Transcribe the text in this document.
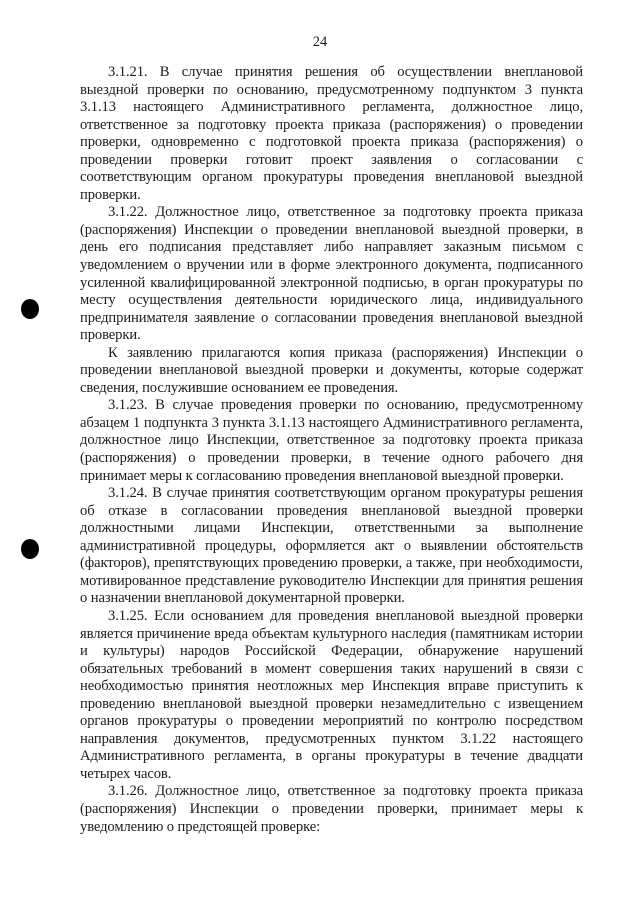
24

3.1.21. В случае принятия решения об осуществлении внеплановой выездной проверки по основанию, предусмотренному подпунктом 3 пункта 3.1.13 настоящего Административного регламента, должностное лицо, ответственное за подготовку проекта приказа (распоряжения) о проведении проверки, одновременно с подготовкой проекта приказа (распоряжения) о проведении проверки готовит проект заявления о согласовании с соответствующим органом прокуратуры проведения внеплановой выездной проверки.

3.1.22. Должностное лицо, ответственное за подготовку проекта приказа (распоряжения) Инспекции о проведении внеплановой выездной проверки, в день его подписания представляет либо направляет заказным письмом с уведомлением о вручении или в форме электронного документа, подписанного усиленной квалифицированной электронной подписью, в орган прокуратуры по месту осуществления деятельности юридического лица, индивидуального предпринимателя заявление о согласовании проведения внеплановой выездной проверки.

К заявлению прилагаются копия приказа (распоряжения) Инспекции о проведении внеплановой выездной проверки и документы, которые содержат сведения, послужившие основанием ее проведения.

3.1.23. В случае проведения проверки по основанию, предусмотренному абзацем 1 подпункта 3 пункта 3.1.13 настоящего Административного регламента, должностное лицо Инспекции, ответственное за подготовку проекта приказа (распоряжения) о проведении проверки, в течение одного рабочего дня принимает меры к согласованию проведения внеплановой выездной проверки.

3.1.24. В случае принятия соответствующим органом прокуратуры решения об отказе в согласовании проведения внеплановой выездной проверки должностными лицами Инспекции, ответственными за выполнение административной процедуры, оформляется акт о выявлении обстоятельств (факторов), препятствующих проведению проверки, а также, при необходимости, мотивированное представление руководителю Инспекции для принятия решения о назначении внеплановой документарной проверки.

3.1.25. Если основанием для проведения внеплановой выездной проверки является причинение вреда объектам культурного наследия (памятникам истории и культуры) народов Российской Федерации, обнаружение нарушений обязательных требований в момент совершения таких нарушений в связи с необходимостью принятия неотложных мер Инспекция вправе приступить к проведению внеплановой выездной проверки незамедлительно с извещением органов прокуратуры о проведении мероприятий по контролю посредством направления документов, предусмотренных пунктом 3.1.22 настоящего Административного регламента, в органы прокуратуры в течение двадцати четырех часов.

3.1.26. Должностное лицо, ответственное за подготовку проекта приказа (распоряжения) Инспекции о проведении проверки, принимает меры к уведомлению о предстоящей проверке:
